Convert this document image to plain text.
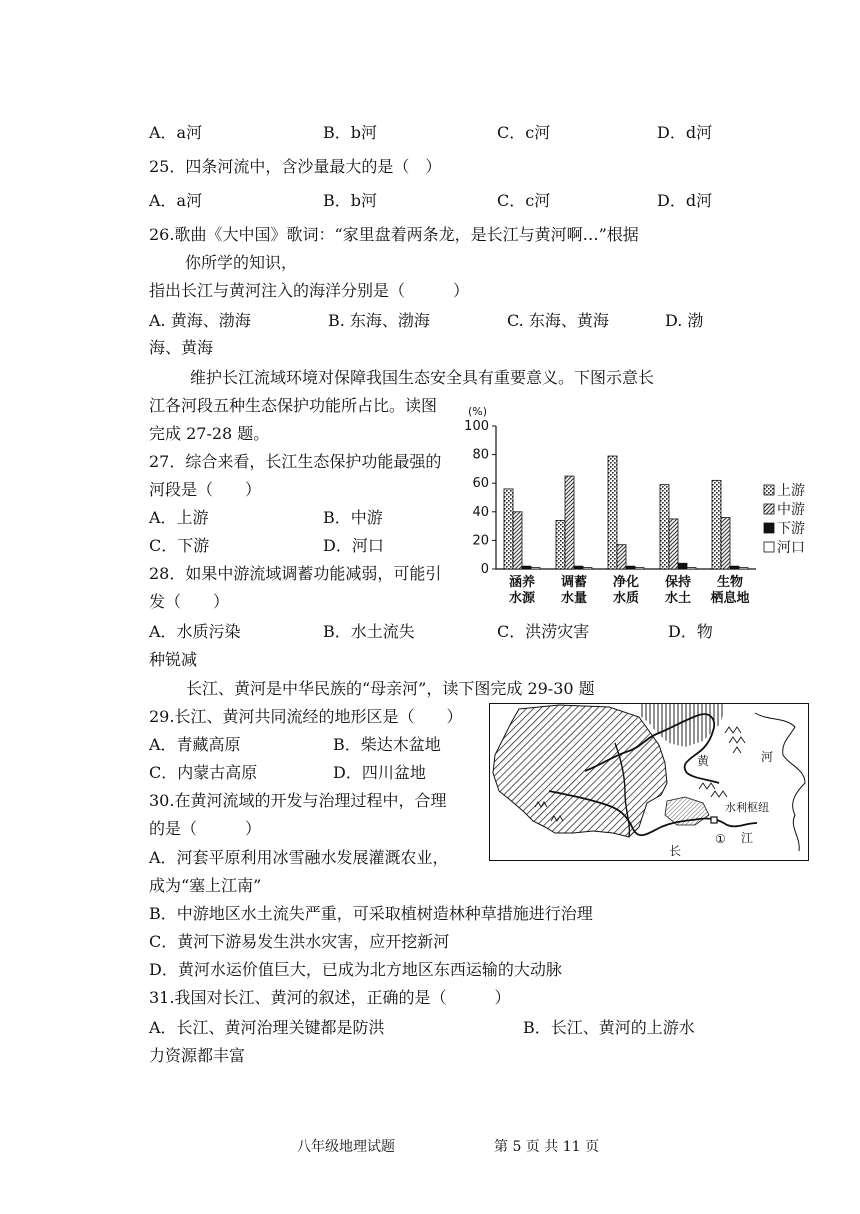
A．a河	B．b河	C．c河	D．d河
25．四条河流中，含沙量最大的是（　）
A．a河	B．b河	C．c河	D．d河
26.歌曲《大中国》歌词：“家里盘着两条龙，是长江与黄河啊…”根据
你所学的知识，
指出长江与黄河注入的海洋分别是（　　　）
A. 黄海、渤海	B. 东海、渤海	C. 东海、黄海	D. 渤
海、黄海
维护长江流域环境对保障我国生态安全具有重要意义。下图示意长
江各河段五种生态保护功能所占比。读图
完成 27-28 题。
27．综合来看，长江生态保护功能最强的
河段是（　　）
A．上游	B．中游
C．下游	D．河口
28．如果中游流域调蓄功能减弱，可能引
发（　　）
A．水质污染	B．水土流失	C．洪涝灾害	D．物
种锐减
长江、黄河是中华民族的“母亲河”，读下图完成 29-30 题
29.长江、黄河共同流经的地形区是（　　）
A．青藏高原	B．柴达木盆地
C．内蒙古高原	D．四川盆地
30.在黄河流域的开发与治理过程中，合理
的是（　　　）
A．河套平原利用冰雪融水发展灌溉农业，
成为“塞上江南”
B．中游地区水土流失严重，可采取植树造林种草措施进行治理
C．黄河下游易发生洪水灾害，应开挖新河
D．黄河水运价值巨大，已成为北方地区东西运输的大动脉
31.我国对长江、黄河的叙述，正确的是（　　　）
A．长江、黄河治理关键都是防洪	B．长江、黄河的上游水
力资源都丰富
八年级地理试题	第 5 页 共 11 页
0
20
40
60
80
100
(%)
涵养
水源
调蓄
水量
净化
水质
保持
水土
生物
栖息地
上游
中游
下游
河口
黄	河
水利枢纽
① 江
长
